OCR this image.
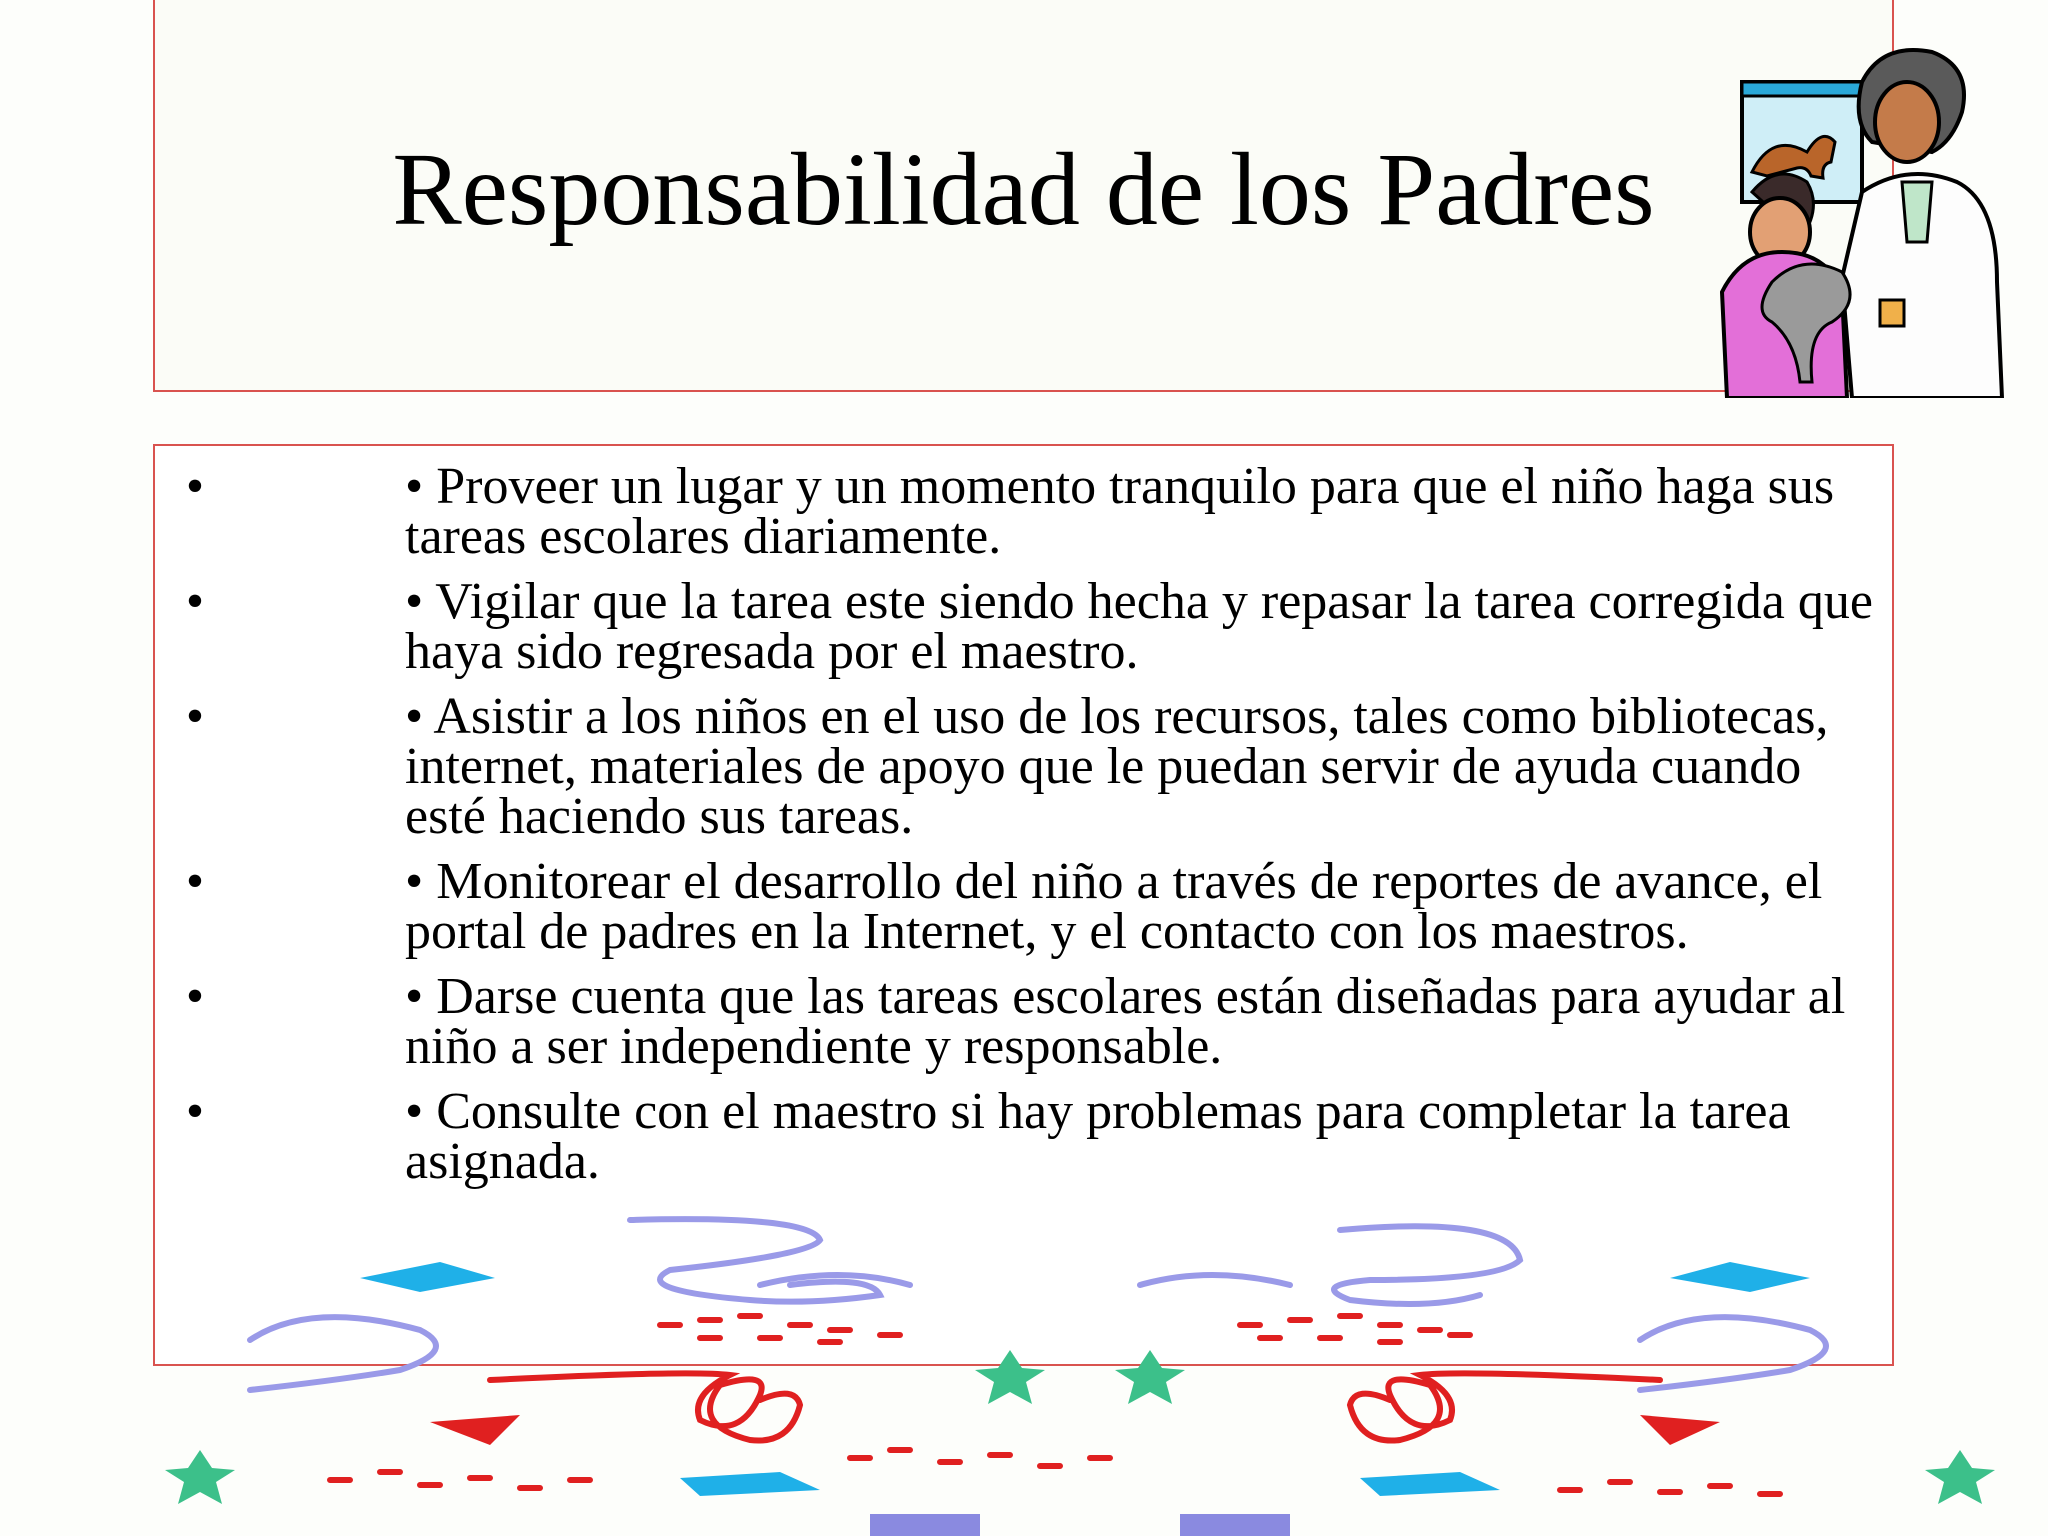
Responsabilidad de los Padres
•	• Proveer un lugar y un momento tranquilo para que el niño haga sus tareas escolares diariamente.
•	• Vigilar que la tarea este siendo hecha y repasar la tarea corregida que haya sido regresada por el maestro.
•	• Asistir a los niños en el uso de los recursos, tales como bibliotecas, internet, materiales de apoyo que le puedan servir de ayuda cuando esté haciendo sus tareas.
•	• Monitorear el desarrollo del niño a través de reportes de avance, el portal de padres en la Internet, y el contacto con los maestros.
•	• Darse cuenta que las tareas escolares están diseñadas para ayudar al niño a ser independiente y responsable.
•	• Consulte con el maestro si hay problemas para completar la tarea asignada.
